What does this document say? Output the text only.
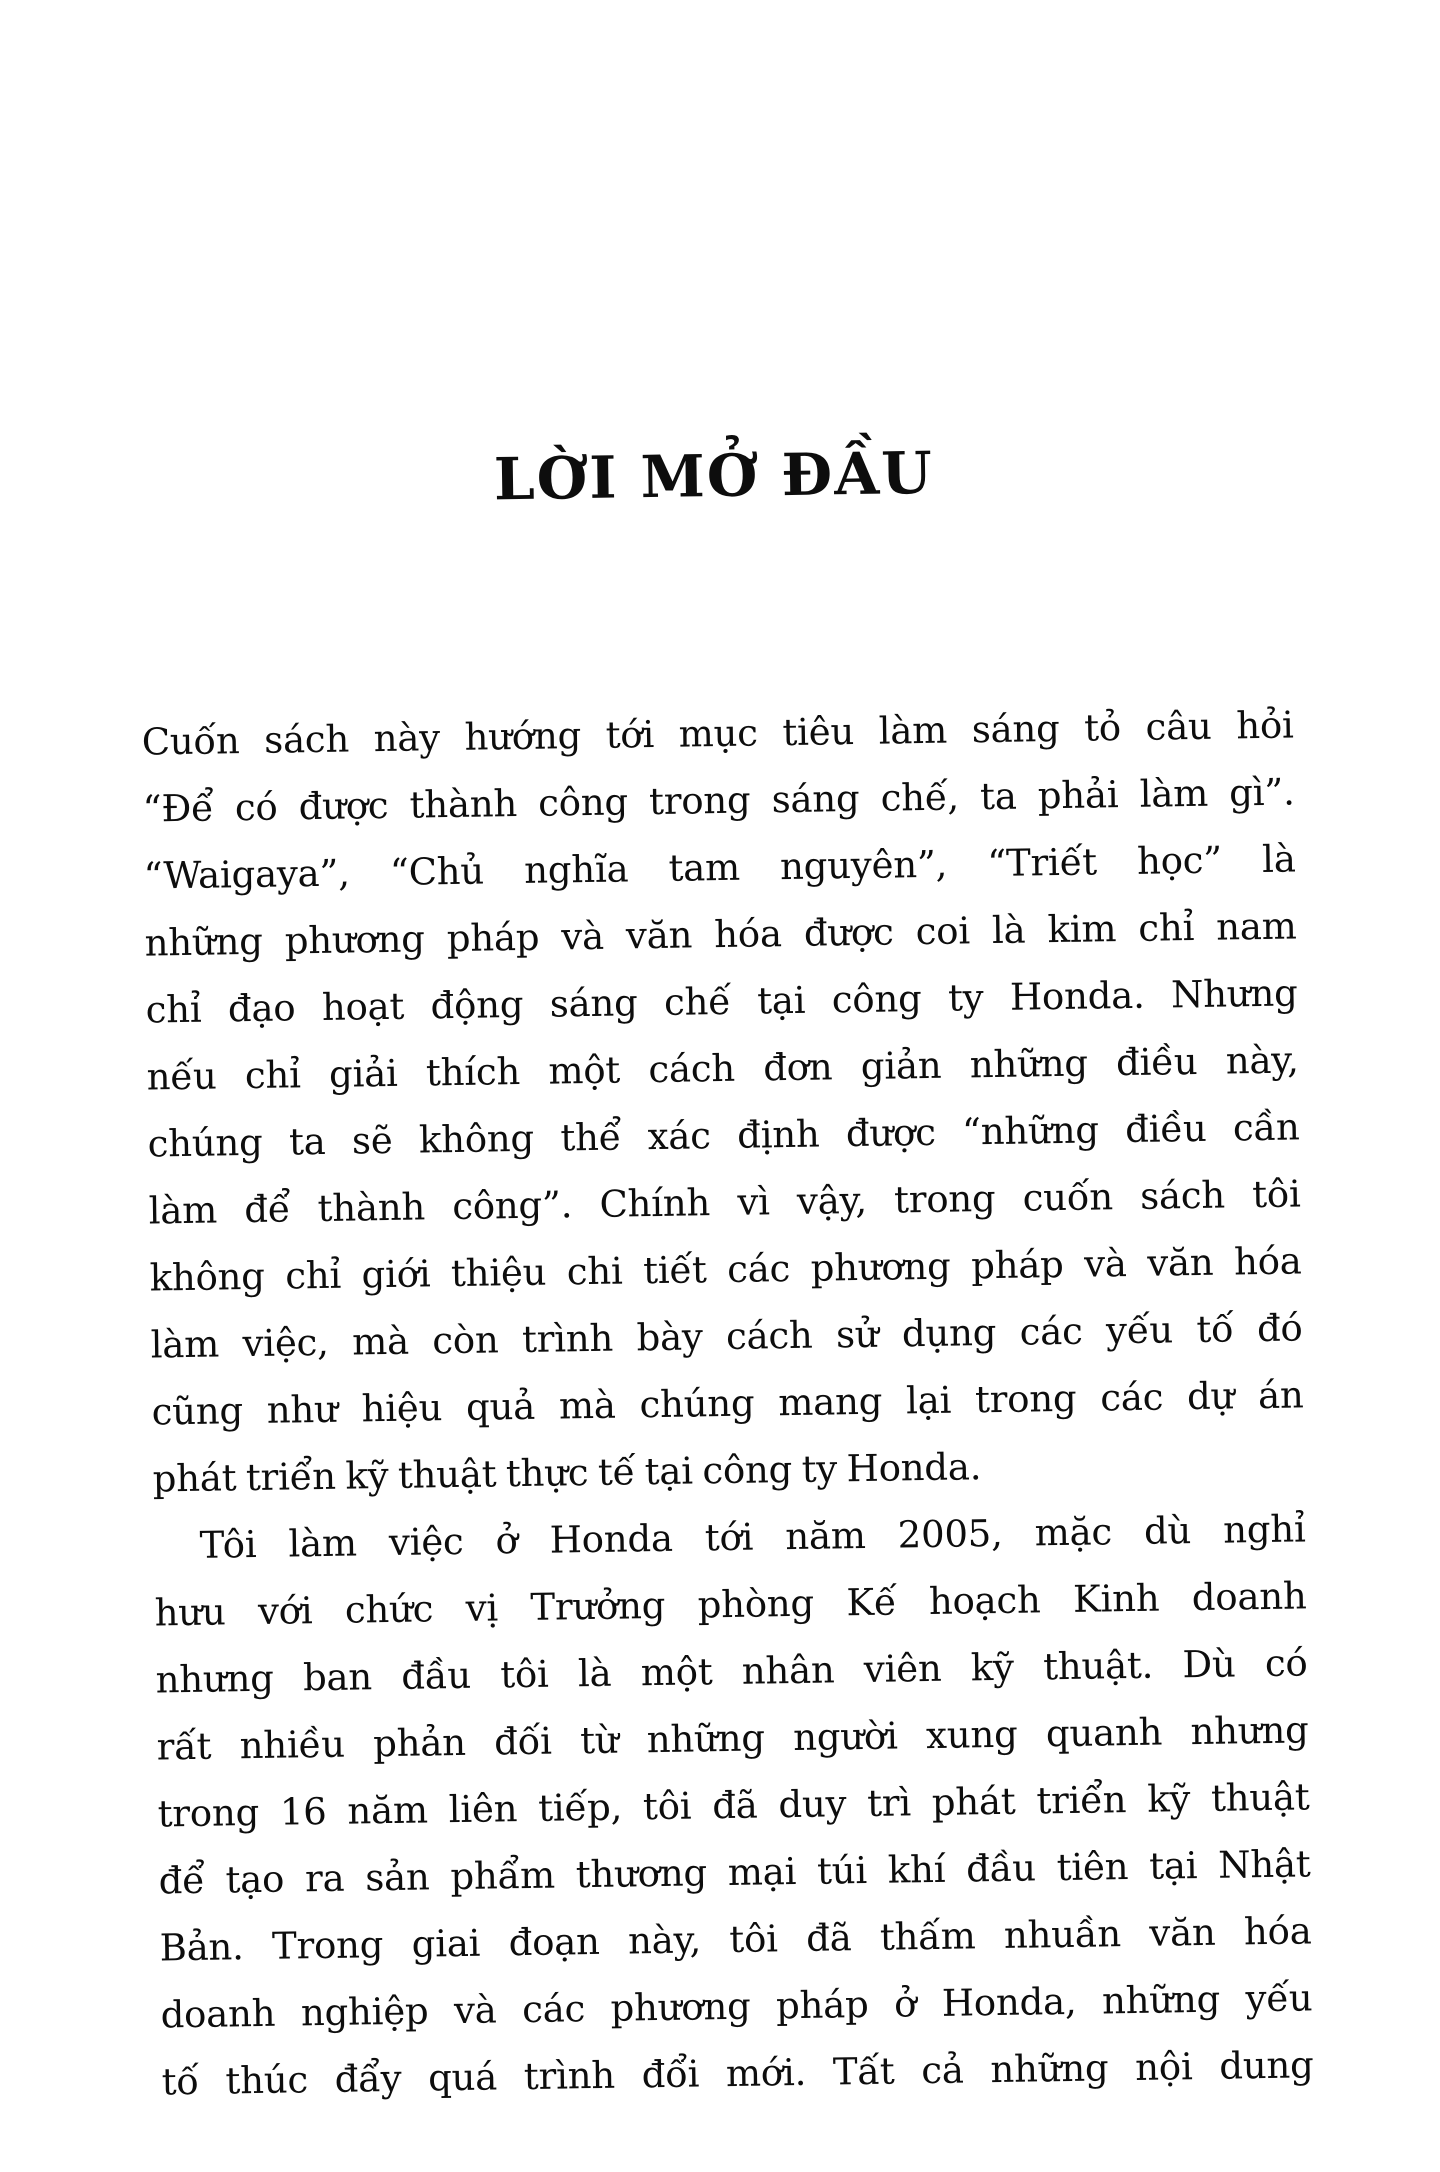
LỜI MỞ ĐẦU
Cuốn sách này hướng tới mục tiêu làm sáng tỏ câu hỏi
“Để có được thành công trong sáng chế, ta phải làm gì”.
“Waigaya”, “Chủ nghĩa tam nguyên”, “Triết học” là
những phương pháp và văn hóa được coi là kim chỉ nam
chỉ đạo hoạt động sáng chế tại công ty Honda. Nhưng
nếu chỉ giải thích một cách đơn giản những điều này,
chúng ta sẽ không thể xác định được “những điều cần
làm để thành công”. Chính vì vậy, trong cuốn sách tôi
không chỉ giới thiệu chi tiết các phương pháp và văn hóa
làm việc, mà còn trình bày cách sử dụng các yếu tố đó
cũng như hiệu quả mà chúng mang lại trong các dự án
phát triển kỹ thuật thực tế tại công ty Honda.
Tôi làm việc ở Honda tới năm 2005, mặc dù nghỉ
hưu với chức vị Trưởng phòng Kế hoạch Kinh doanh
nhưng ban đầu tôi là một nhân viên kỹ thuật. Dù có
rất nhiều phản đối từ những người xung quanh nhưng
trong 16 năm liên tiếp, tôi đã duy trì phát triển kỹ thuật
để tạo ra sản phẩm thương mại túi khí đầu tiên tại Nhật
Bản. Trong giai đoạn này, tôi đã thấm nhuần văn hóa
doanh nghiệp và các phương pháp ở Honda, những yếu
tố thúc đẩy quá trình đổi mới. Tất cả những nội dung
